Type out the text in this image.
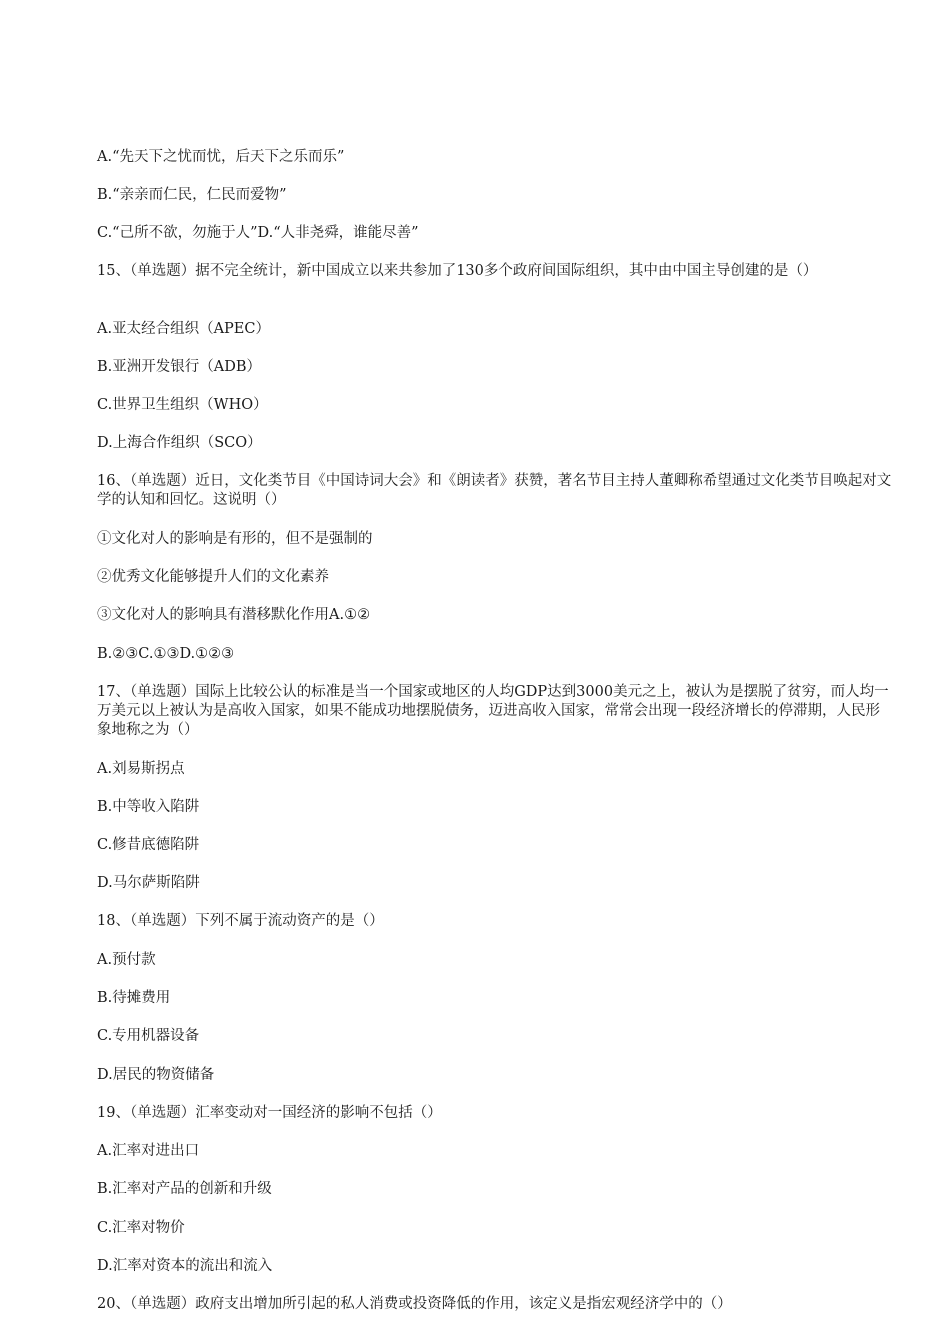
A.“先天下之忧而忧，后天下之乐而乐”
B.“亲亲而仁民，仁民而爱物”
C.“己所不欲，勿施于人”D.“人非尧舜，谁能尽善”
15、（单选题）据不完全统计，新中国成立以来共参加了130多个政府间国际组织，其中由中国主导创建的是（）
A.亚太经合组织（APEC）
B.亚洲开发银行（ADB）
C.世界卫生组织（WHO）
D.上海合作组织（SCO）
16、（单选题）近日，文化类节目《中国诗词大会》和《朗读者》获赞，著名节目主持人董卿称希望通过文化类节目唤起对文学的认知和回忆。这说明（）
①文化对人的影响是有形的，但不是强制的
②优秀文化能够提升人们的文化素养
③文化对人的影响具有潜移默化作用A.①②
B.②③C.①③D.①②③
17、（单选题）国际上比较公认的标准是当一个国家或地区的人均GDP达到3000美元之上，被认为是摆脱了贫穷，而人均一万美元以上被认为是高收入国家，如果不能成功地摆脱债务，迈进高收入国家，常常会出现一段经济增长的停滞期，人民形象地称之为（）
A.刘易斯拐点
B.中等收入陷阱
C.修昔底德陷阱
D.马尔萨斯陷阱
18、（单选题）下列不属于流动资产的是（）
A.预付款
B.待摊费用
C.专用机器设备
D.居民的物资储备
19、（单选题）汇率变动对一国经济的影响不包括（）
A.汇率对进出口
B.汇率对产品的创新和升级
C.汇率对物价
D.汇率对资本的流出和流入
20、（单选题）政府支出增加所引起的私人消费或投资降低的作用，该定义是指宏观经济学中的（）
